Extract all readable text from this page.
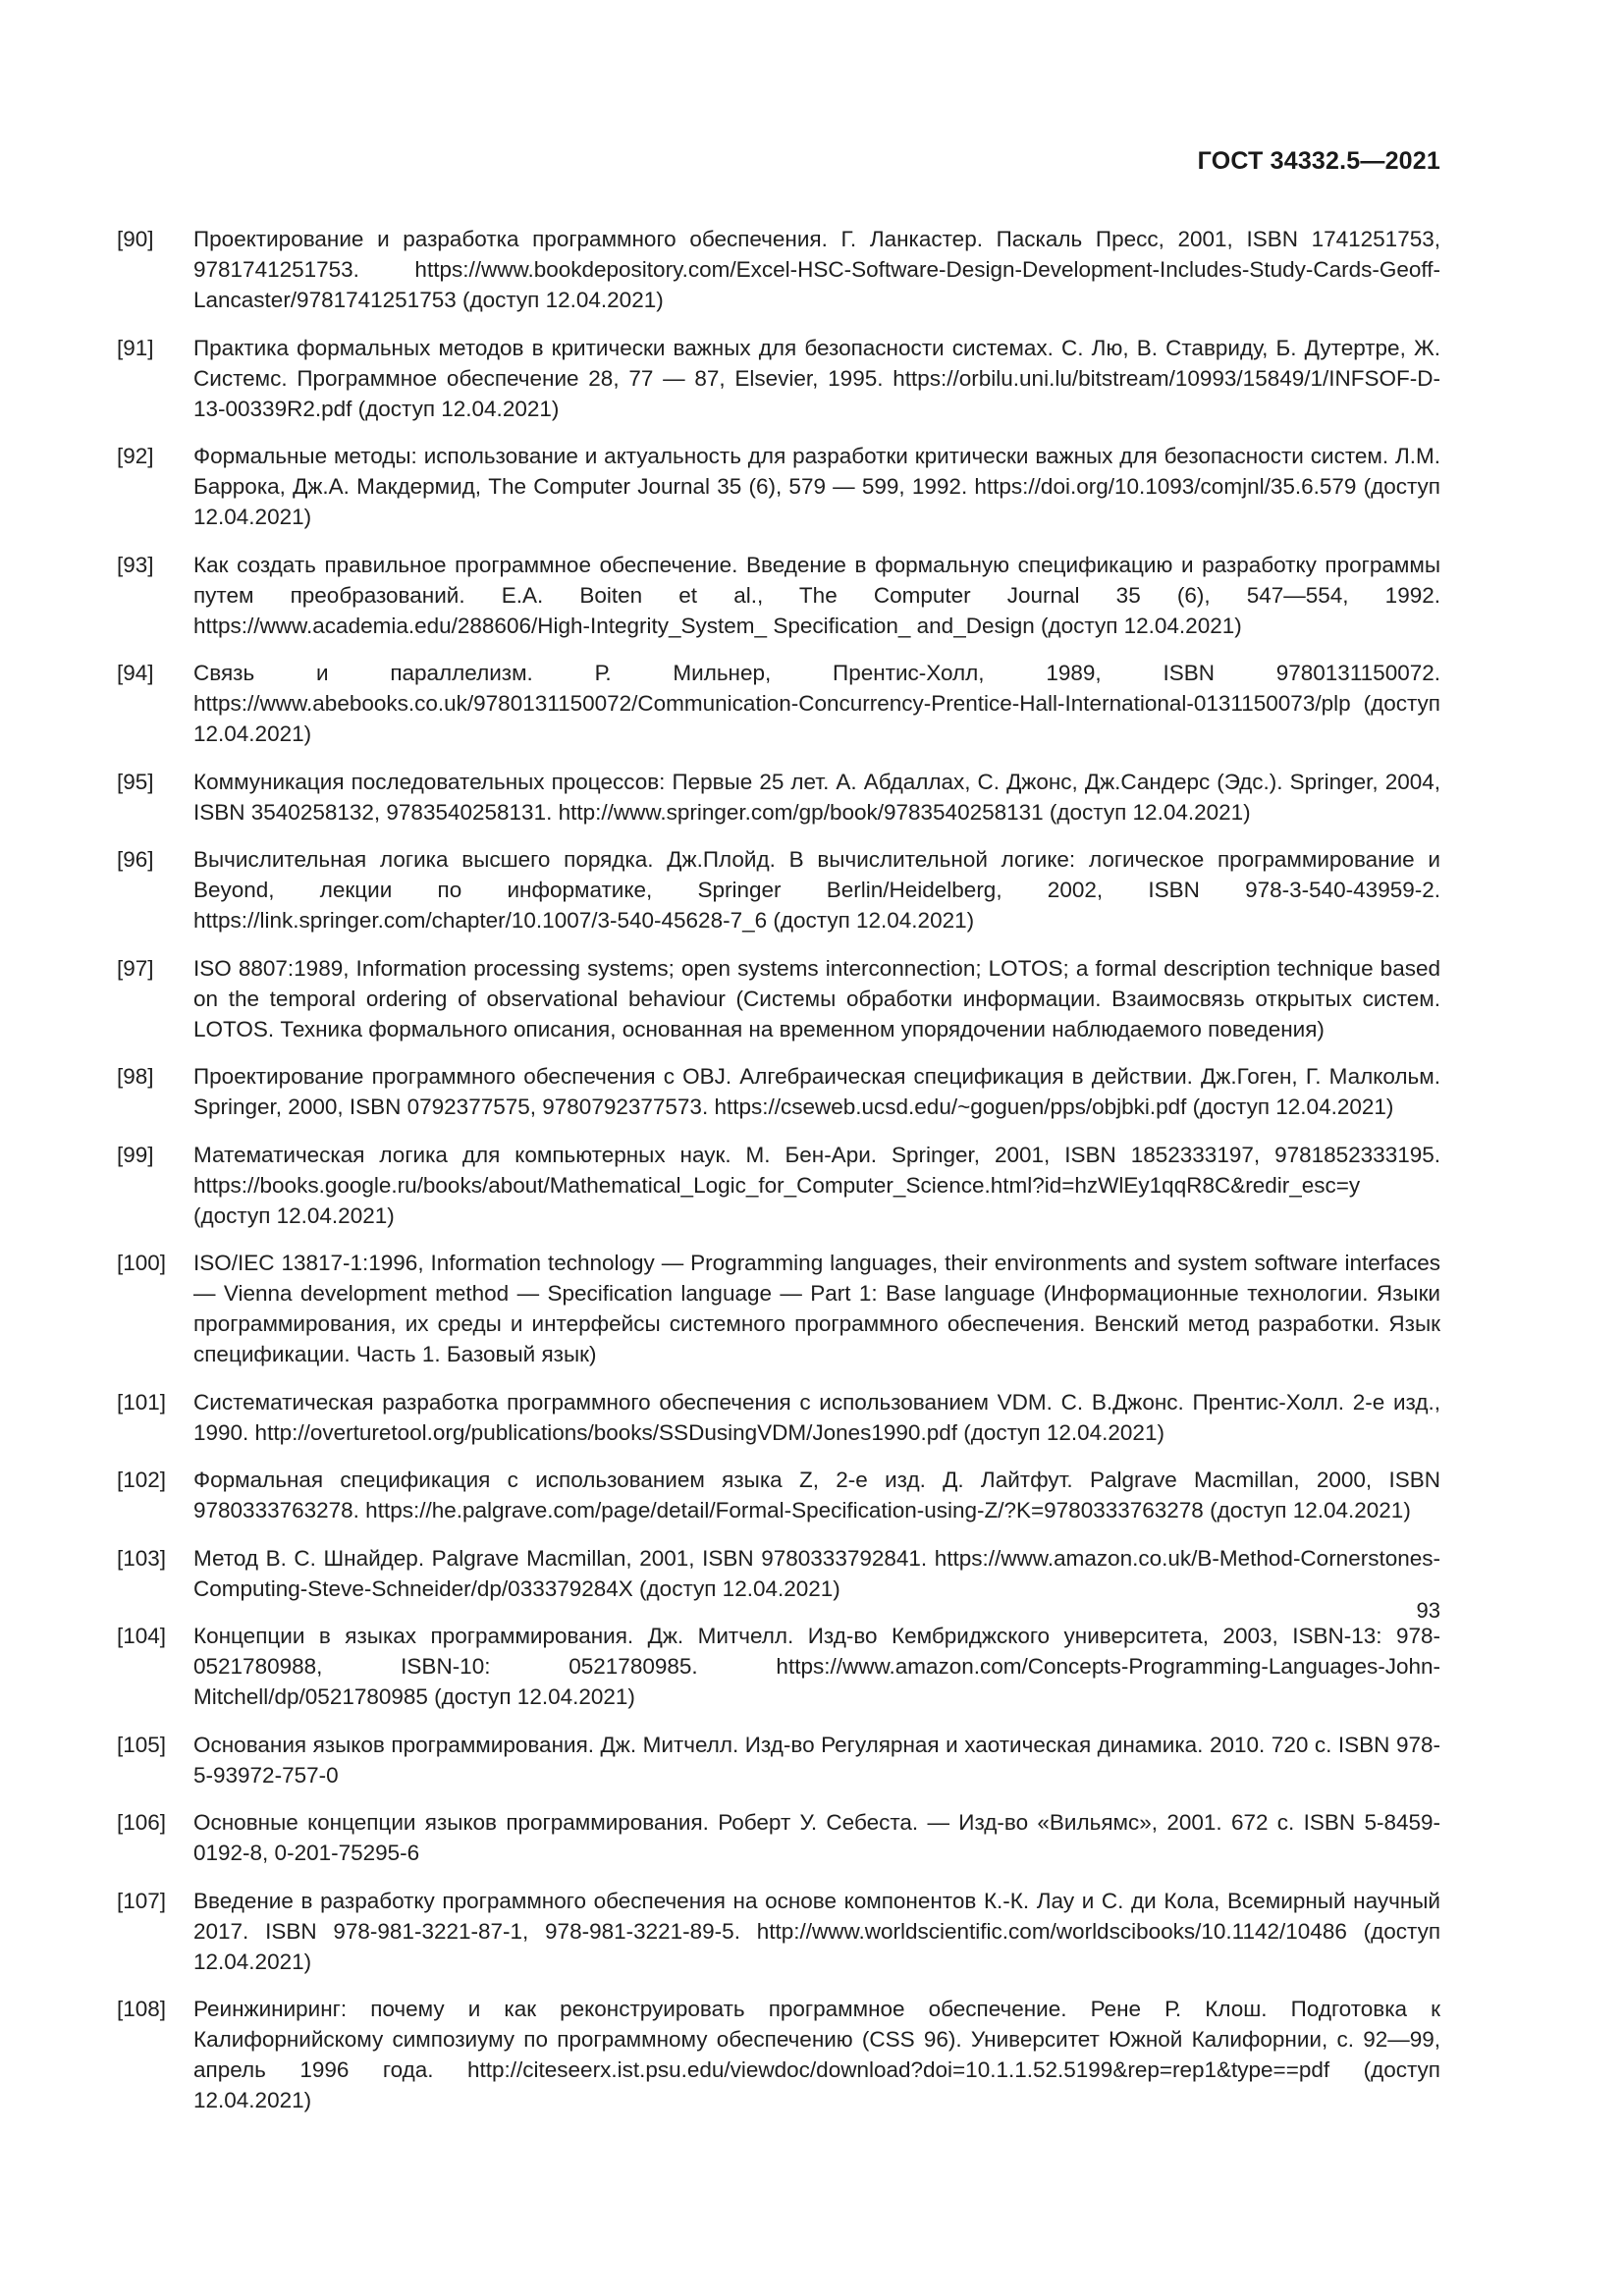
ГОСТ 34332.5—2021
[90]	Проектирование и разработка программного обеспечения. Г. Ланкастер. Паскаль Пресс, 2001, ISBN 1741251753, 9781741251753. https://www.bookdepository.com/Excel-HSC-Software-Design-Development-Includes-Study-Cards-Geoff-Lancaster/9781741251753 (доступ 12.04.2021)
[91]	Практика формальных методов в критически важных для безопасности системах. С. Лю, В. Ставриду, Б. Дутертре, Ж. Системс. Программное обеспечение 28, 77 — 87, Elsevier, 1995. https://orbilu.uni.lu/bitstream/10993/15849/1/INFSOF-D-13-00339R2.pdf (доступ 12.04.2021)
[92]	Формальные методы: использование и актуальность для разработки критически важных для безопасности систем. Л.М. Баррока, Дж.А. Макдермид, The Computer Journal 35 (6), 579 — 599, 1992. https://doi.org/10.1093/comjnl/35.6.579 (доступ 12.04.2021)
[93]	Как создать правильное программное обеспечение. Введение в формальную спецификацию и разработку программы путем преобразований. E.A. Boiten et al., The Computer Journal 35 (6), 547—554, 1992. https://www.academia.edu/288606/High-Integrity_System_ Specification_ and_Design (доступ 12.04.2021)
[94]	Связь и параллелизм. Р. Мильнер, Прентис-Холл, 1989, ISBN 9780131150072. https://www.abebooks.co.uk/9780131150072/Communication-Concurrency-Prentice-Hall-International-0131150073/plp (доступ 12.04.2021)
[95]	Коммуникация последовательных процессов: Первые 25 лет. А. Абдаллах, С. Джонс, Дж.Сандерс (Эдс.). Springer, 2004, ISBN 3540258132, 9783540258131. http://www.springer.com/gp/book/9783540258131 (доступ 12.04.2021)
[96]	Вычислительная логика высшего порядка. Дж.Плойд. В вычислительной логике: логическое программирование и Beyond, лекции по информатике, Springer Berlin/Heidelberg, 2002, ISBN 978-3-540-43959-2. https://link.springer.com/chapter/10.1007/3-540-45628-7_6 (доступ 12.04.2021)
[97]	ISO 8807:1989, Information processing systems; open systems interconnection; LOTOS; a formal description technique based on the temporal ordering of observational behaviour (Системы обработки информации. Взаимосвязь открытых систем. LOTOS. Техника формального описания, основанная на временном упорядочении наблюдаемого поведения)
[98]	Проектирование программного обеспечения с OBJ. Алгебраическая спецификация в действии. Дж.Гоген, Г. Малкольм. Springer, 2000, ISBN 0792377575, 9780792377573. https://cseweb.ucsd.edu/~goguen/pps/objbki.pdf (доступ 12.04.2021)
[99]	Математическая логика для компьютерных наук. М. Бен-Ари. Springer, 2001, ISBN 1852333197, 9781852333195. https://books.google.ru/books/about/Mathematical_Logic_for_Computer_Science.html?id=hzWlEy1qqR8C&redir_esc=y (доступ 12.04.2021)
[100]	ISO/IEC 13817-1:1996, Information technology — Programming languages, their environments and system software interfaces — Vienna development method — Specification language — Part 1: Base language (Информационные технологии. Языки программирования, их среды и интерфейсы системного программного обеспечения. Венский метод разработки. Язык спецификации. Часть 1. Базовый язык)
[101]	Систематическая разработка программного обеспечения с использованием VDM. С. В.Джонс. Прентис-Холл. 2-е изд., 1990. http://overturetool.org/publications/books/SSDusingVDM/Jones1990.pdf (доступ 12.04.2021)
[102]	Формальная спецификация с использованием языка Z, 2-е изд. Д. Лайтфут. Palgrave Macmillan, 2000, ISBN 9780333763278. https://he.palgrave.com/page/detail/Formal-Specification-using-Z/?K=9780333763278 (доступ 12.04.2021)
[103]	Метод В. С. Шнайдер. Palgrave Macmillan, 2001, ISBN 9780333792841. https://www.amazon.co.uk/B-Method-Cornerstones-Computing-Steve-Schneider/dp/033379284X (доступ 12.04.2021)
[104]	Концепции в языках программирования. Дж. Митчелл. Изд-во Кембриджского университета, 2003, ISBN-13: 978-0521780988, ISBN-10: 0521780985. https://www.amazon.com/Concepts-Programming-Languages-John-Mitchell/dp/0521780985 (доступ 12.04.2021)
[105]	Основания языков программирования. Дж. Митчелл. Изд-во Регулярная и хаотическая динамика. 2010. 720 с. ISBN 978-5-93972-757-0
[106]	Основные концепции языков программирования. Роберт У. Себеста. — Изд-во «Вильямс», 2001. 672 с. ISBN 5-8459-0192-8, 0-201-75295-6
[107]	Введение в разработку программного обеспечения на основе компонентов К.-К. Лау и С. ди Кола, Всемирный научный 2017. ISBN 978-981-3221-87-1, 978-981-3221-89-5. http://www.worldscientific.com/worldscibooks/10.1142/10486 (доступ 12.04.2021)
[108]	Реинжиниринг: почему и как реконструировать программное обеспечение. Рене Р. Клош. Подготовка к Калифорнийскому симпозиуму по программному обеспечению (CSS 96). Университет Южной Калифорнии, с. 92—99, апрель 1996 года. http://citeseerx.ist.psu.edu/viewdoc/download?doi=10.1.1.52.5199&rep=rep1&type==pdf (доступ 12.04.2021)
93
